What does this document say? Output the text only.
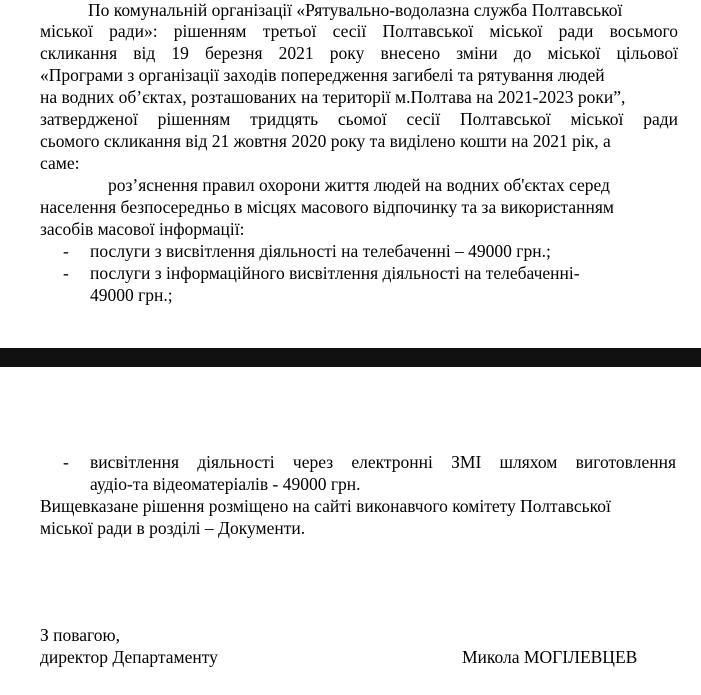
По комунальній організації «Рятувально-водолазна служба Полтавської
міської ради»: рішенням третьої сесії Полтавської міської ради восьмого
скликання від 19 березня 2021 року внесено зміни до міської цільової
«Програми з організації заходів попередження загибелі та рятування людей
на водних об’єктах, розташованих на території м.Полтава на 2021-2023 роки”,
затвердженої рішенням тридцять сьомої сесії Полтавської міської ради
сьомого скликання від 21 жовтня 2020 року та виділено кошти на 2021 рік, а
саме:
роз’яснення правил охорони життя людей на водних об'єктах серед
населення безпосередньо в місцях масового відпочинку та за використанням
засобів масової інформації:
- послуги з висвітлення діяльності на телебаченні – 49000 грн.;
- послуги з інформаційного висвітлення діяльності на телебаченні-
49000 грн.;
- висвітлення діяльності через електронні ЗМІ шляхом виготовлення
аудіо-та відеоматеріалів - 49000 грн.
Вищевказане рішення розміщено на сайті виконавчого комітету Полтавської
міської ради в розділі – Документи.
З повагою,
директор Департаменту	Микола МОГІЛЕВЦЕВ
